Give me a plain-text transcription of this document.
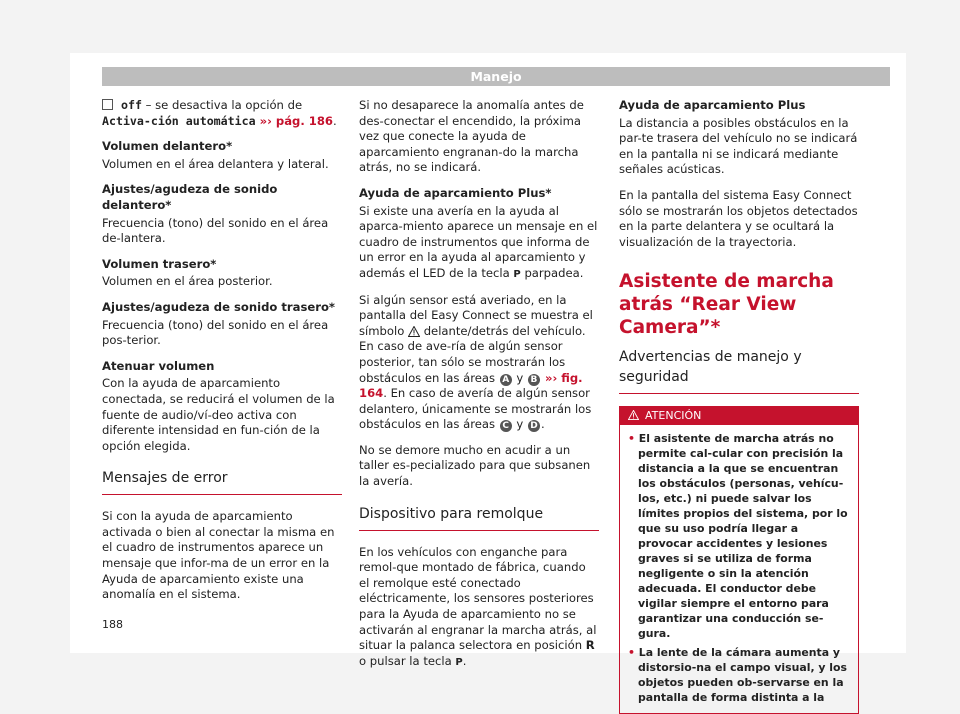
Manejo

off – se desactiva la opción de Activa-ción automática »› pág. 186.

Volumen delantero*

Volumen en el área delantera y lateral.

Ajustes/agudeza de sonido delantero*

Frecuencia (tono) del sonido en el área de-lantera.

Volumen trasero*

Volumen en el área posterior.

Ajustes/agudeza de sonido trasero*

Frecuencia (tono) del sonido en el área pos-terior.

Atenuar volumen

Con la ayuda de aparcamiento conectada, se reducirá el volumen de la fuente de audio/ví-deo activa con diferente intensidad en fun-ción de la opción elegida.

Mensajes de error

Si con la ayuda de aparcamiento activada o bien al conectar la misma en el cuadro de instrumentos aparece un mensaje que infor-ma de un error en la Ayuda de aparcamiento existe una anomalía en el sistema.

Si no desaparece la anomalía antes de des-conectar el encendido, la próxima vez que conecte la ayuda de aparcamiento engranan-do la marcha atrás, no se indicará.

Ayuda de aparcamiento Plus*

Si existe una avería en la ayuda al aparca-miento aparece un mensaje en el cuadro de instrumentos que informa de un error en la ayuda al aparcamiento y además el LED de la tecla P parpadea.

Si algún sensor está averiado, en la pantalla del Easy Connect se muestra el símbolo  delante/detrás del vehículo. En caso de ave-ría de algún sensor posterior, tan sólo se mostrarán los obstáculos en las áreas A y B »› fig. 164. En caso de avería de algún sensor delantero, únicamente se mostrarán los obstáculos en las áreas C y D .

No se demore mucho en acudir a un taller es-pecializado para que subsanen la avería.

Dispositivo para remolque

En los vehículos con enganche para remol-que montado de fábrica, cuando el remolque esté conectado eléctricamente, los sensores posteriores para la Ayuda de aparcamiento no se activarán al engranar la marcha atrás, al situar la palanca selectora en posición R o pulsar la tecla P.

Ayuda de aparcamiento Plus

La distancia a posibles obstáculos en la par-te trasera del vehículo no se indicará en la pantalla ni se indicará mediante señales acústicas.

En la pantalla del sistema Easy Connect sólo se mostrarán los objetos detectados en la parte delantera y se ocultará la visualización de la trayectoria.

Asistente de marcha atrás “Rear View Camera”*
Advertencias de manejo y seguridad
ATENCIÓN
• El asistente de marcha atrás no permite cal-cular con precisión la distancia a la que se encuentran los obstáculos (personas, vehícu-los, etc.) ni puede salvar los límites propios del sistema, por lo que su uso podría llegar a provocar accidentes y lesiones graves si se utiliza de forma negligente o sin la atención adecuada. El conductor debe vigilar siempre el entorno para garantizar una conducción se-gura.
• La lente de la cámara aumenta y distorsio-na el campo visual, y los objetos pueden ob-servarse en la pantalla de forma distinta a la
188
